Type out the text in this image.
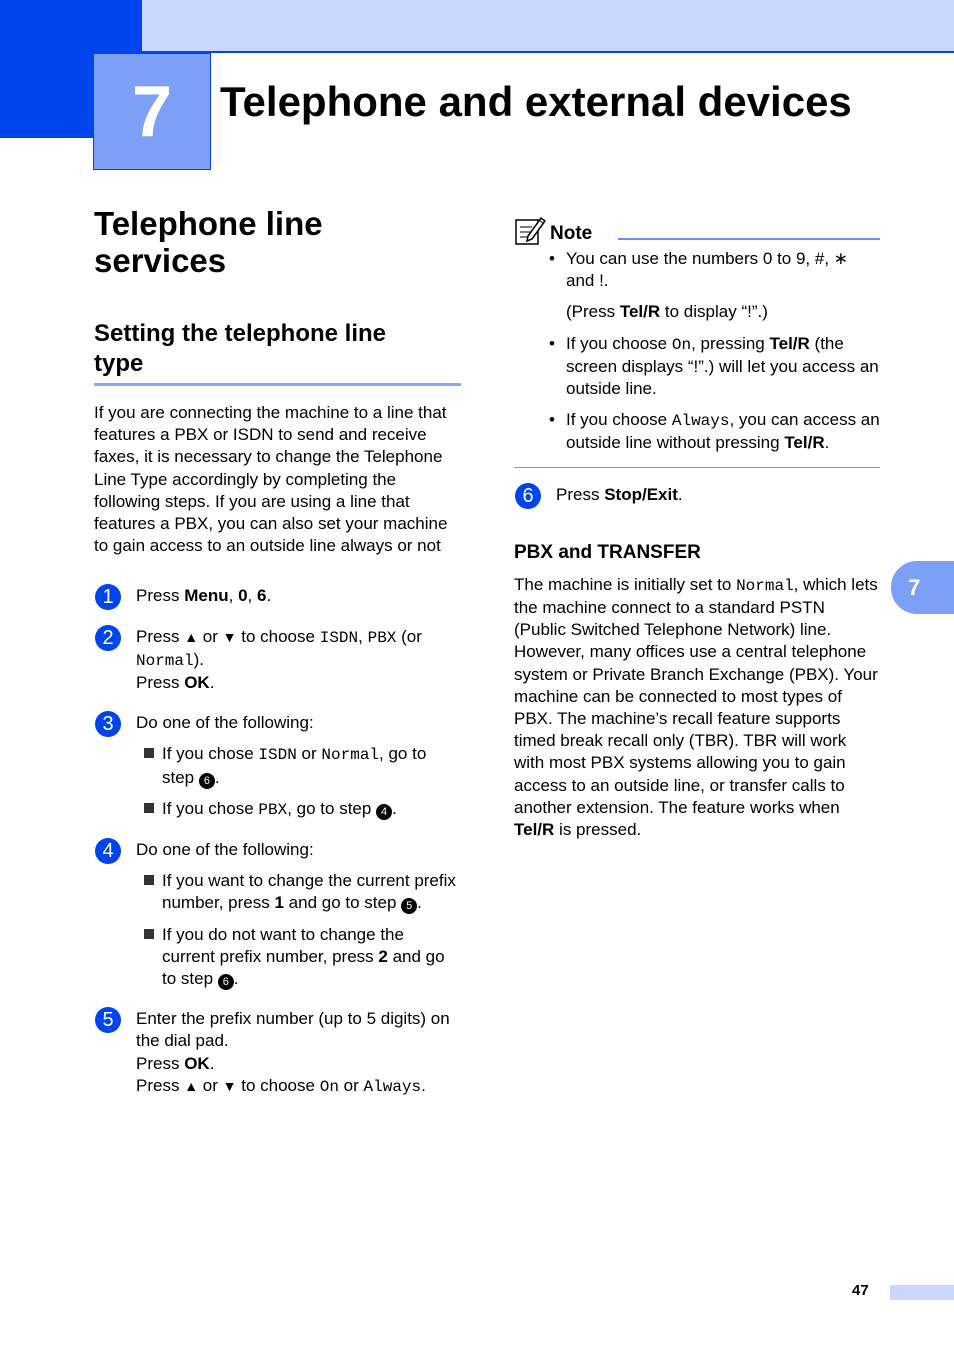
7 Telephone and external devices
Telephone line
services
Setting the telephone line
type

If you are connecting the machine to a line that features a PBX or ISDN to send and receive faxes, it is necessary to change the Telephone Line Type accordingly by completing the following steps. If you are using a line that features a PBX, you can also set your machine to gain access to an outside line always or not

1	Press Menu, 0, 6.
2	Press ▲ or ▼ to choose ISDN, PBX (or Normal).
Press OK.
3	Do one of the following:
If you chose ISDN or Normal, go to step 6 .
If you chose PBX, go to step 4 .
4	Do one of the following:
If you want to change the current prefix number, press 1 and go to step 5 .
If you do not want to change the current prefix number, press 2 and go to step 6 .
5	Enter the prefix number (up to 5 digits) on the dial pad.
Press OK.
Press ▲ or ▼ to choose On or Always.
Note
• You can use the numbers 0 to 9, #, ∗ and !.
(Press Tel/R to display “!”.)
• If you choose On, pressing Tel/R (the screen displays “!”.) will let you access an outside line.
• If you choose Always, you can access an outside line without pressing Tel/R.
6	Press Stop/Exit.
PBX and TRANSFER

The machine is initially set to Normal, which lets the machine connect to a standard PSTN (Public Switched Telephone Network) line. However, many offices use a central telephone system or Private Branch Exchange (PBX). Your machine can be connected to most types of PBX. The machine’s recall feature supports timed break recall only (TBR). TBR will work with most PBX systems allowing you to gain access to an outside line, or transfer calls to another extension. The feature works when Tel/R is pressed.

7
47
